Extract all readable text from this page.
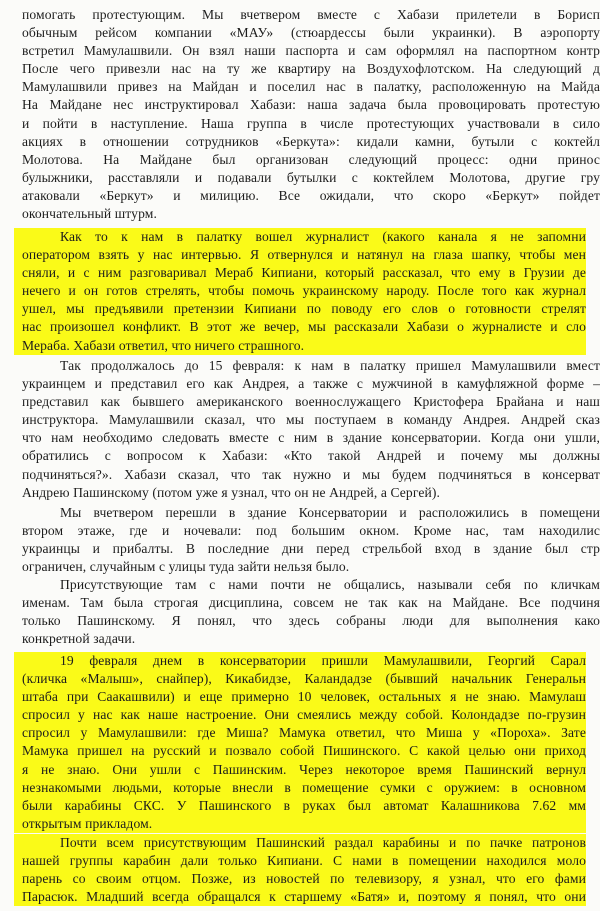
помогать протестующим. Мы вчетвером вместе с Хабази прилетели в Борисп
обычным рейсом компании «МАУ» (стюардессы были украинки). В аэропорту
встретил Мамулашвили. Он взял наши паспорта и сам оформлял на паспортном контр
После чего привезли нас на ту же квартиру на Воздухофлотском. На следующий д
Мамулашвили привез на Майдан и поселил нас в палатку, расположенную на Майда
На Майдане нес инструктировал Хабази: наша задача была провоцировать протестую
и пойти в наступление. Наша группа в числе протестующих участвовали в сило
акциях в отношении сотрудников «Беркута»: кидали камни, бутыли с коктейл
Молотова. На Майдане был организован следующий процесс: одни принос
булыжники, расставляли и подавали бутылки с коктейлем Молотова, другие гру
атаковали «Беркут» и милицию. Все ожидали, что скоро «Беркут» пойдет
окончательный штурм.
Как то к нам в палатку вошел журналист (какого канала я не запомни
оператором взять у нас интервью. Я отвернулся и натянул на глаза шапку, чтобы мен
сняли, и с ним разговаривал Мераб Кипиани, который рассказал, что ему в Грузии де
нечего и он готов стрелять, чтобы помочь украинскому народу. После того как журнал
ушел, мы предъявили претензии Кипиани по поводу его слов о готовности стрелят
нас произошел конфликт. В этот же вечер, мы рассказали Хабази о журналисте и сло
Мераба. Хабази ответил, что ничего страшного.
Так продолжалось до 15 февраля: к нам в палатку пришел Мамулашвили вмест
украинцем и представил его как Андрея, а также с мужчиной в камуфляжной форме –
представил как бывшего американского военнослужащего Кристофера Брайана и наш
инструктора. Мамулашвили сказал, что мы поступаем в команду Андрея. Андрей сказ
что нам необходимо следовать вместе с ним в здание консерватории. Когда они ушли,
обратились с вопросом к Хабази: «Кто такой Андрей и почему мы должны
подчиняться?». Хабази сказал, что так нужно и мы будем подчиняться в консерват
Андрею Пашинскому (потом уже я узнал, что он не Андрей, а Сергей).
Мы вчетвером перешли в здание Консерватории и расположились в помещени
втором этаже, где и ночевали: под большим окном. Кроме нас, там находилис
украинцы и прибалты. В последние дни перед стрельбой вход в здание был стр
ограничен, случайным с улицы туда зайти нельзя было.
Присутствующие там с нами почти не общались, называли себя по кличкам
именам. Там была строгая дисциплина, совсем не так как на Майдане. Все подчиня
только Пашинскому. Я понял, что здесь собраны люди для выполнения како
конкретной задачи.
19 февраля днем в консерватории пришли Мамулашвили, Георгий Сарал
(кличка «Малыш», снайпер), Кикабидзе, Каландадзе (бывший начальник Генеральн
штаба при Саакашвили) и еще примерно 10 человек, остальных я не знаю. Мамулаш
спросил у нас как наше настроение. Они смеялись между собой. Колондадзе по-грузин
спросил у Мамулашвили: где Миша? Мамука ответил, что Миша у «Пороха». Зате
Мамука пришел на русский и позвало собой Пишинского. С какой целью они приход
я не знаю. Они ушли с Пашинским. Через некоторое время Пашинский вернул
незнакомыми людьми, которые внесли в помещение сумки с оружием: в основном
были карабины СКС. У Пашинского в руках был автомат Калашникова 7.62 мм
открытым прикладом.
Почти всем присутствующим Пашинский раздал карабины и по пачке патронов
нашей группы карабин дали только Кипиани. С нами в помещении находился моло
парень со своим отцом. Позже, из новостей по телевизору, я узнал, что его фами
Парасюк. Младший всегда обращался к старшему «Батя» и, поэтому я понял, что они
